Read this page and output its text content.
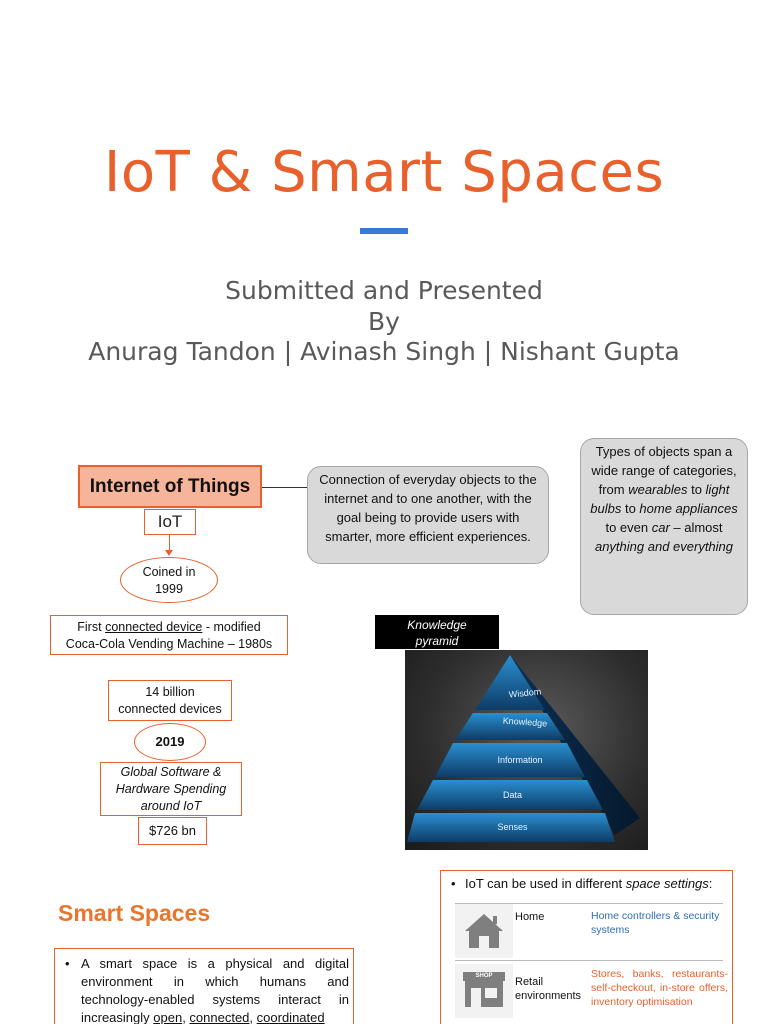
IoT & Smart Spaces
Submitted and Presented
By
Anurag Tandon | Avinash Singh | Nishant Gupta
Internet of Things
IoT
Coined in
1999
First connected device - modified
Coca-Cola Vending Machine – 1980s
14 billion
connected devices
2019
Global Software &
Hardware Spending
around IoT
$726 bn
Connection of everyday objects to the internet and to one another, with the goal being to provide users with smarter, more efficient experiences.
Types of objects span a wide range of categories, from wearables to light bulbs to home appliances to even car – almost anything and everything
Knowledge
pyramid
Wisdom
Knowledge
Information
Data
Senses
Smart Spaces
• A smart space is a physical and digital environment in which humans and technology-enabled systems interact in increasingly open, connected, coordinated
• IoT can be used in different space settings:
Home	Home controllers & security systems
SHOP	Retail environments
Stores, banks, restaurants- self-checkout, in-store offers, inventory optimisation
